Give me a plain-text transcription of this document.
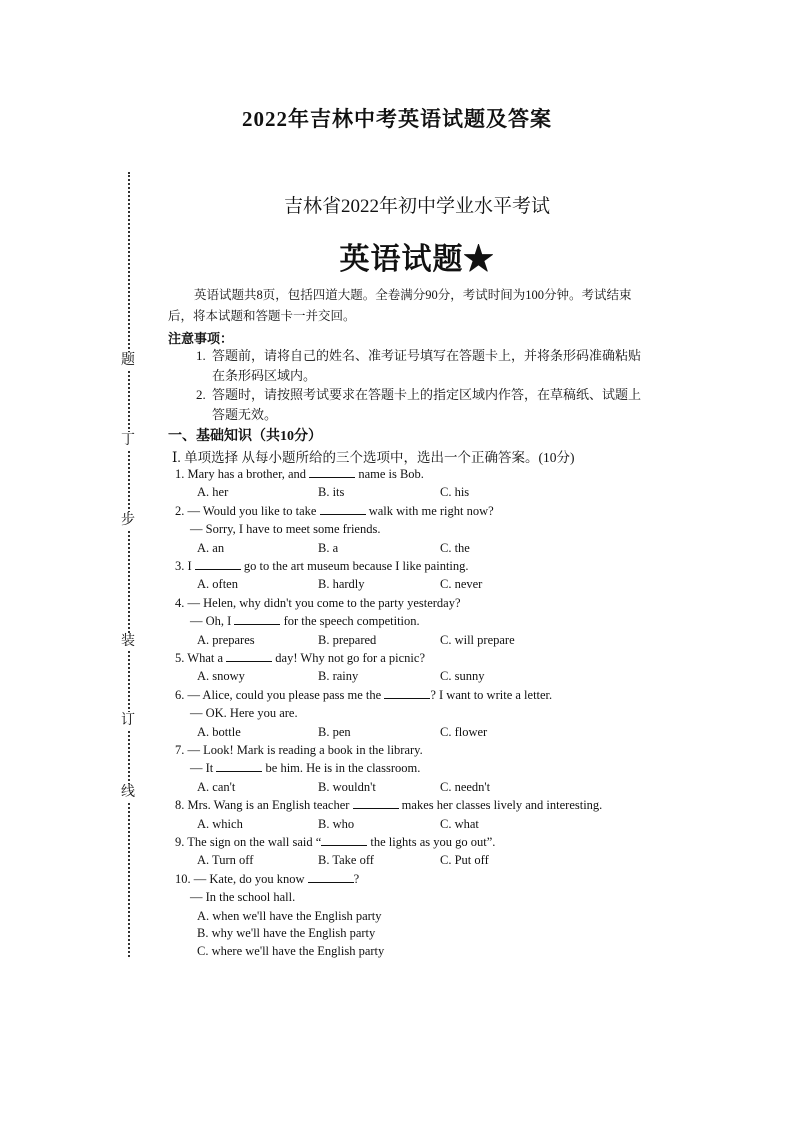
2022年吉林中考英语试题及答案
题
丁
步
装
订
线
吉林省2022年初中学业水平考试
英语试题★
英语试题共8页，包括四道大题。全卷满分90分，考试时间为100分钟。考试结束后，将本试题和答题卡一并交回。
注意事项：
1. 答题前，请将自己的姓名、准考证号填写在答题卡上，并将条形码准确粘贴在条形码区域内。
2. 答题时，请按照考试要求在答题卡上的指定区域内作答，在草稿纸、试题上答题无效。
一、基础知识（共10分）
Ⅰ. 单项选择 从每小题所给的三个选项中，选出一个正确答案。(10分)
1. Mary has a brother, and	name is Bob.
A. her	B. its	C. his
2. — Would you like to take	walk with me right now?
— Sorry, I have to meet some friends.
A. an	B. a	C. the
3. I	go to the art museum because I like painting.
A. often	B. hardly	C. never
4. — Helen, why didn't you come to the party yesterday?
— Oh, I	for the speech competition.
A. prepares	B. prepared	C. will prepare
5. What a	day! Why not go for a picnic?
A. snowy	B. rainy	C. sunny
6. — Alice, could you please pass me the	? I want to write a letter.
— OK. Here you are.
A. bottle	B. pen	C. flower
7. — Look! Mark is reading a book in the library.
— It	be him. He is in the classroom.
A. can't	B. wouldn't	C. needn't
8. Mrs. Wang is an English teacher	makes her classes lively and interesting.
A. which	B. who	C. what
9. The sign on the wall said “	the lights as you go out”.
A. Turn off	B. Take off	C. Put off
10. — Kate, do you know	?
— In the school hall.
A. when we'll have the English party
B. why we'll have the English party
C. where we'll have the English party
